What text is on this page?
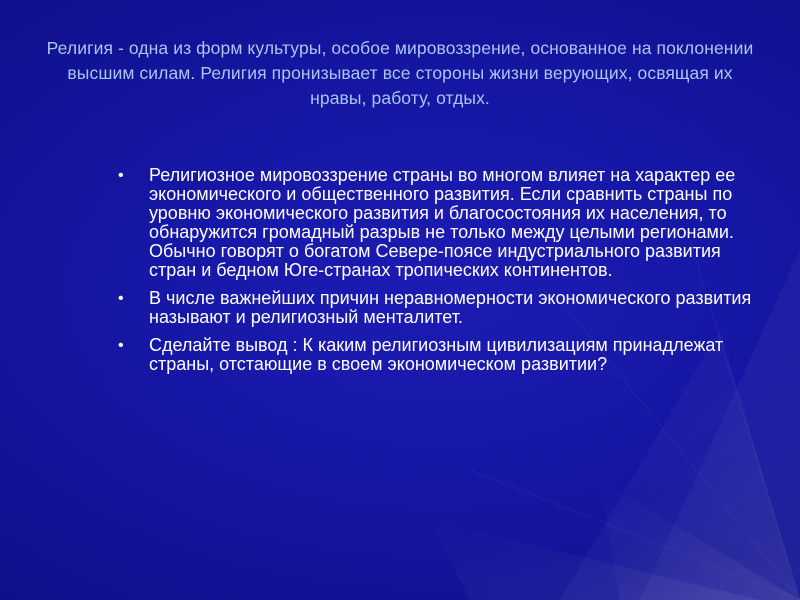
Религия - одна из форм культуры, особое мировоззрение, основанное на поклонении высшим силам. Религия пронизывает все стороны жизни верующих, освящая их нравы, работу, отдых.
• Религиозное мировоззрение страны во многом влияет на характер ее экономического и общественного развития. Если сравнить страны по уровню экономического развития и благосостояния их населения, то обнаружится громадный разрыв не только между целыми регионами. Обычно говорят о богатом Севере-поясе индустриального развития стран и бедном Юге-странах тропических континентов.
• В числе важнейших причин неравномерности экономического развития называют и религиозный менталитет.
• Сделайте вывод : К каким религиозным цивилизациям принадлежат страны, отстающие в своем экономическом развитии?
